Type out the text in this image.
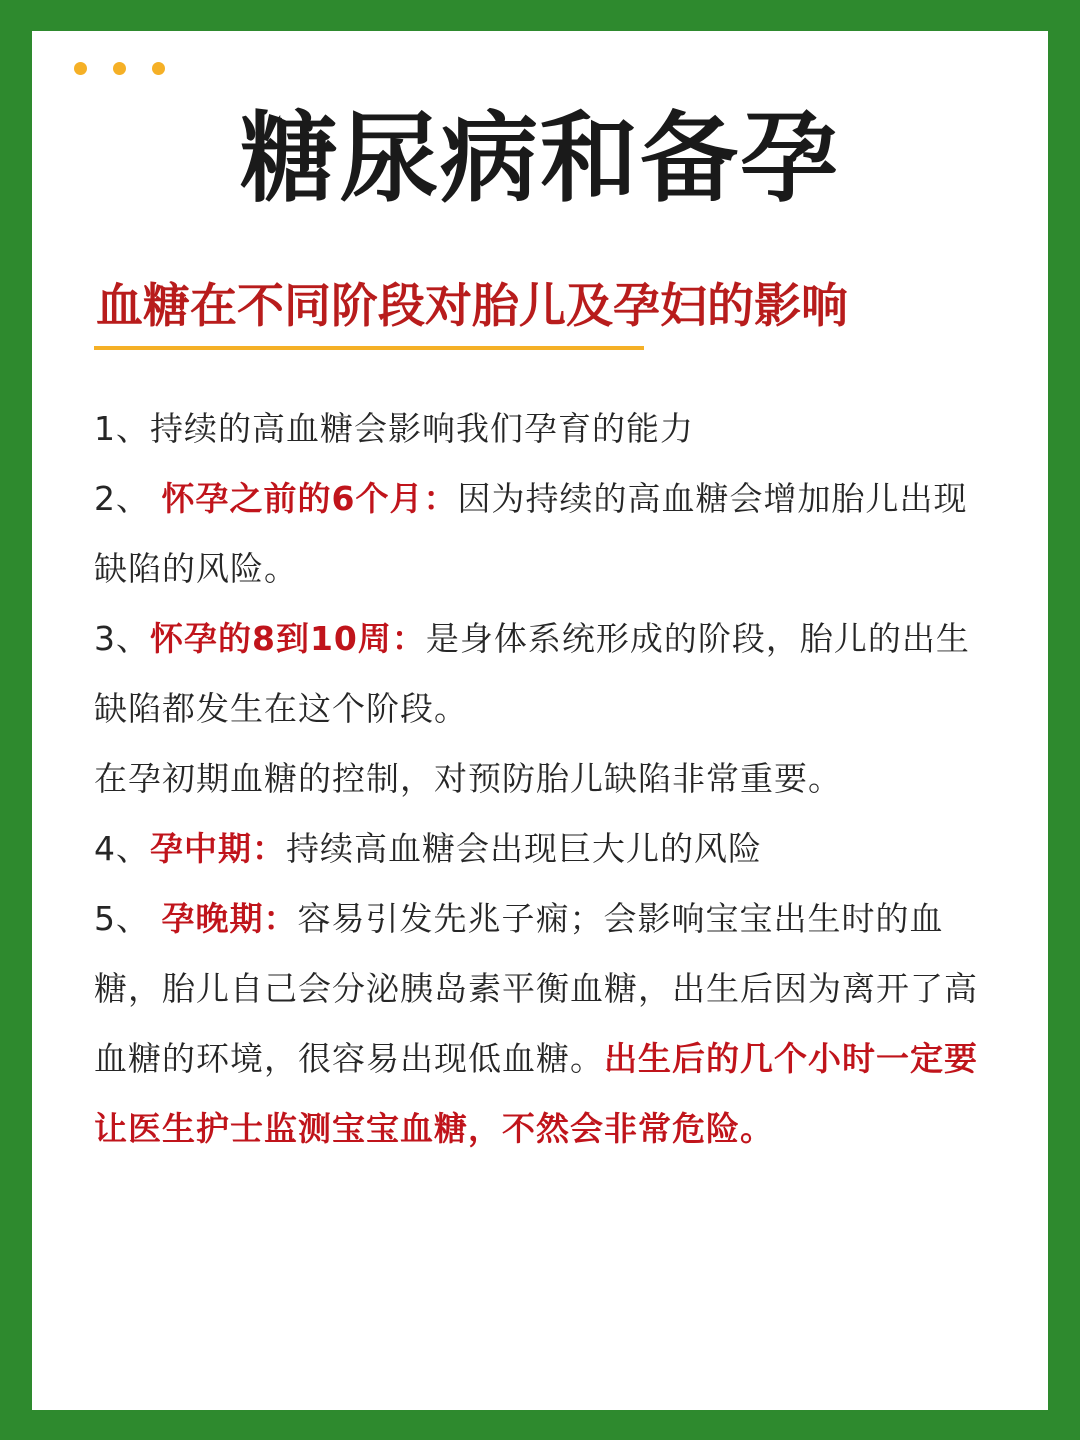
糖尿病和备孕
血糖在不同阶段对胎儿及孕妇的影响

1、持续的高血糖会影响我们孕育的能力

2、 怀孕之前的6个月：因为持续的高血糖会增加胎儿出现缺陷的风险。

3、怀孕的8到10周：是身体系统形成的阶段，胎儿的出生缺陷都发生在这个阶段。

在孕初期血糖的控制，对预防胎儿缺陷非常重要。

4、孕中期：持续高血糖会出现巨大儿的风险

5、 孕晚期：容易引发先兆子痫；会影响宝宝出生时的血糖，胎儿自己会分泌胰岛素平衡血糖，出生后因为离开了高血糖的环境，很容易出现低血糖。出生后的几个小时一定要让医生护士监测宝宝血糖，不然会非常危险。
